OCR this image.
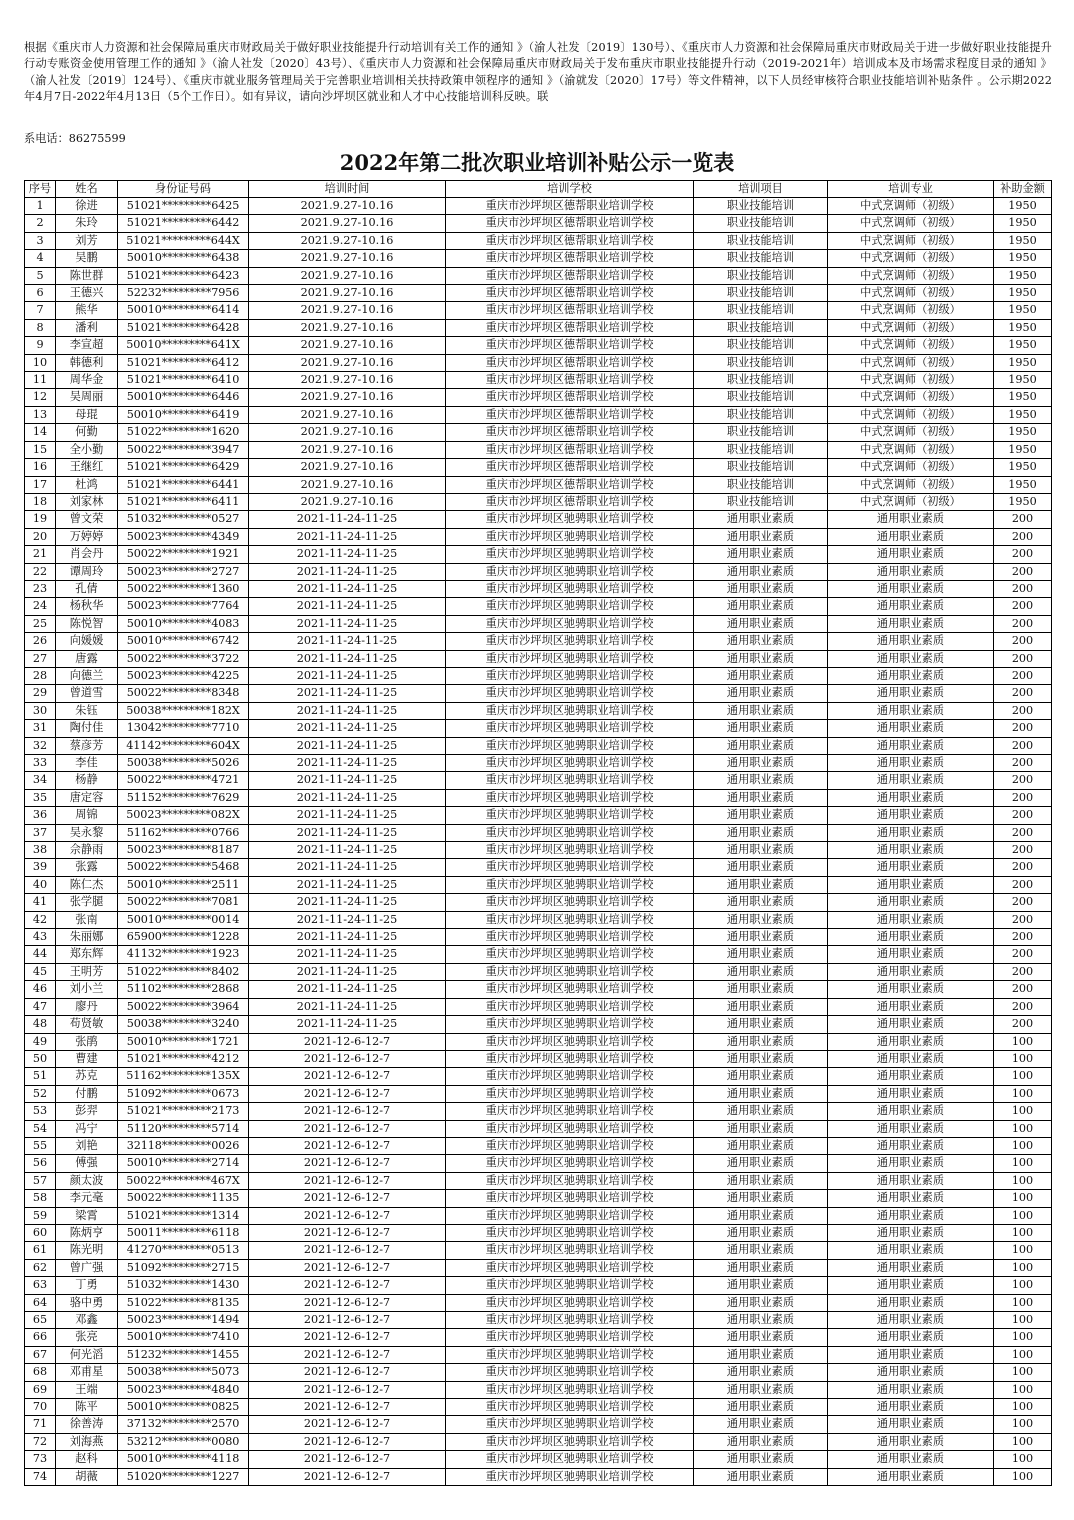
根据《重庆市人力资源和社会保障局重庆市财政局关于做好职业技能提升行动培训有关工作的通知 》（渝人社发〔2019〕130号）、《重庆市人力资源和社会保障局重庆市财政局关于进一步做好职业技能提升行动专账资金使用管理工作的通知 》（渝人社发〔2020〕43号）、《重庆市人力资源和社会保障局重庆市财政局关于发布重庆市职业技能提升行动（2019-2021年）培训成本及市场需求程度目录的通知 》（渝人社发〔2019〕124号）、《重庆市就业服务管理局关于完善职业培训相关扶持政策申领程序的通知 》（渝就发〔2020〕17号）等文件精神，以下人员经审核符合职业技能培训补贴条件 。公示期2022年4月7日-2022年4月13日（5个工作日）。如有异议，请向沙坪坝区就业和人才中心技能培训科反映。联

系电话：86275599
2022年第二批次职业培训补贴公示一览表
序号	姓名	身份证号码	培训时间	培训学校	培训项目	培训专业	补助金额
1	徐进	51021*********6425	2021.9.27-10.16	重庆市沙坪坝区德帮职业培训学校	职业技能培训	中式烹调师（初级）	1950
2	朱玲	51021*********6442	2021.9.27-10.16	重庆市沙坪坝区德帮职业培训学校	职业技能培训	中式烹调师（初级）	1950
3	刘芳	51021*********644X	2021.9.27-10.16	重庆市沙坪坝区德帮职业培训学校	职业技能培训	中式烹调师（初级）	1950
4	吴鹏	50010*********6438	2021.9.27-10.16	重庆市沙坪坝区德帮职业培训学校	职业技能培训	中式烹调师（初级）	1950
5	陈世群	51021*********6423	2021.9.27-10.16	重庆市沙坪坝区德帮职业培训学校	职业技能培训	中式烹调师（初级）	1950
6	王德兴	52232*********7956	2021.9.27-10.16	重庆市沙坪坝区德帮职业培训学校	职业技能培训	中式烹调师（初级）	1950
7	熊华	50010*********6414	2021.9.27-10.16	重庆市沙坪坝区德帮职业培训学校	职业技能培训	中式烹调师（初级）	1950
8	潘利	51021*********6428	2021.9.27-10.16	重庆市沙坪坝区德帮职业培训学校	职业技能培训	中式烹调师（初级）	1950
9	李宣超	50010*********641X	2021.9.27-10.16	重庆市沙坪坝区德帮职业培训学校	职业技能培训	中式烹调师（初级）	1950
10	韩德利	51021*********6412	2021.9.27-10.16	重庆市沙坪坝区德帮职业培训学校	职业技能培训	中式烹调师（初级）	1950
11	周华金	51021*********6410	2021.9.27-10.16	重庆市沙坪坝区德帮职业培训学校	职业技能培训	中式烹调师（初级）	1950
12	吴周丽	50010*********6446	2021.9.27-10.16	重庆市沙坪坝区德帮职业培训学校	职业技能培训	中式烹调师（初级）	1950
13	母琨	50010*********6419	2021.9.27-10.16	重庆市沙坪坝区德帮职业培训学校	职业技能培训	中式烹调师（初级）	1950
14	何勤	51022*********1620	2021.9.27-10.16	重庆市沙坪坝区德帮职业培训学校	职业技能培训	中式烹调师（初级）	1950
15	全小勤	50022*********3947	2021.9.27-10.16	重庆市沙坪坝区德帮职业培训学校	职业技能培训	中式烹调师（初级）	1950
16	王继红	51021*********6429	2021.9.27-10.16	重庆市沙坪坝区德帮职业培训学校	职业技能培训	中式烹调师（初级）	1950
17	杜鸿	51021*********6441	2021.9.27-10.16	重庆市沙坪坝区德帮职业培训学校	职业技能培训	中式烹调师（初级）	1950
18	刘家林	51021*********6411	2021.9.27-10.16	重庆市沙坪坝区德帮职业培训学校	职业技能培训	中式烹调师（初级）	1950
19	曾文荣	51032*********0527	2021-11-24-11-25	重庆市沙坪坝区驰骋职业培训学校	通用职业素质	通用职业素质	200
20	万婷婷	50023*********4349	2021-11-24-11-25	重庆市沙坪坝区驰骋职业培训学校	通用职业素质	通用职业素质	200
21	肖会丹	50022*********1921	2021-11-24-11-25	重庆市沙坪坝区驰骋职业培训学校	通用职业素质	通用职业素质	200
22	谭周玲	50023*********2727	2021-11-24-11-25	重庆市沙坪坝区驰骋职业培训学校	通用职业素质	通用职业素质	200
23	孔倩	50022*********1360	2021-11-24-11-25	重庆市沙坪坝区驰骋职业培训学校	通用职业素质	通用职业素质	200
24	杨秋华	50023*********7764	2021-11-24-11-25	重庆市沙坪坝区驰骋职业培训学校	通用职业素质	通用职业素质	200
25	陈悦智	50010*********4083	2021-11-24-11-25	重庆市沙坪坝区驰骋职业培训学校	通用职业素质	通用职业素质	200
26	向媛媛	50010*********6742	2021-11-24-11-25	重庆市沙坪坝区驰骋职业培训学校	通用职业素质	通用职业素质	200
27	唐露	50022*********3722	2021-11-24-11-25	重庆市沙坪坝区驰骋职业培训学校	通用职业素质	通用职业素质	200
28	向德兰	50023*********4225	2021-11-24-11-25	重庆市沙坪坝区驰骋职业培训学校	通用职业素质	通用职业素质	200
29	曾道雪	50022*********8348	2021-11-24-11-25	重庆市沙坪坝区驰骋职业培训学校	通用职业素质	通用职业素质	200
30	朱钰	50038*********182X	2021-11-24-11-25	重庆市沙坪坝区驰骋职业培训学校	通用职业素质	通用职业素质	200
31	陶付佳	13042*********7710	2021-11-24-11-25	重庆市沙坪坝区驰骋职业培训学校	通用职业素质	通用职业素质	200
32	蔡彦芳	41142*********604X	2021-11-24-11-25	重庆市沙坪坝区驰骋职业培训学校	通用职业素质	通用职业素质	200
33	李佳	50038*********5026	2021-11-24-11-25	重庆市沙坪坝区驰骋职业培训学校	通用职业素质	通用职业素质	200
34	杨静	50022*********4721	2021-11-24-11-25	重庆市沙坪坝区驰骋职业培训学校	通用职业素质	通用职业素质	200
35	唐定容	51152*********7629	2021-11-24-11-25	重庆市沙坪坝区驰骋职业培训学校	通用职业素质	通用职业素质	200
36	周锦	50023*********082X	2021-11-24-11-25	重庆市沙坪坝区驰骋职业培训学校	通用职业素质	通用职业素质	200
37	吴永黎	51162*********0766	2021-11-24-11-25	重庆市沙坪坝区驰骋职业培训学校	通用职业素质	通用职业素质	200
38	佘静雨	50023*********8187	2021-11-24-11-25	重庆市沙坪坝区驰骋职业培训学校	通用职业素质	通用职业素质	200
39	张露	50022*********5468	2021-11-24-11-25	重庆市沙坪坝区驰骋职业培训学校	通用职业素质	通用职业素质	200
40	陈仁杰	50010*********2511	2021-11-24-11-25	重庆市沙坪坝区驰骋职业培训学校	通用职业素质	通用职业素质	200
41	张学腿	50022*********7081	2021-11-24-11-25	重庆市沙坪坝区驰骋职业培训学校	通用职业素质	通用职业素质	200
42	张南	50010*********0014	2021-11-24-11-25	重庆市沙坪坝区驰骋职业培训学校	通用职业素质	通用职业素质	200
43	朱丽娜	65900*********1228	2021-11-24-11-25	重庆市沙坪坝区驰骋职业培训学校	通用职业素质	通用职业素质	200
44	郑东辉	41132*********1923	2021-11-24-11-25	重庆市沙坪坝区驰骋职业培训学校	通用职业素质	通用职业素质	200
45	王明芳	51022*********8402	2021-11-24-11-25	重庆市沙坪坝区驰骋职业培训学校	通用职业素质	通用职业素质	200
46	刘小兰	51102*********2868	2021-11-24-11-25	重庆市沙坪坝区驰骋职业培训学校	通用职业素质	通用职业素质	200
47	廖丹	50022*********3964	2021-11-24-11-25	重庆市沙坪坝区驰骋职业培训学校	通用职业素质	通用职业素质	200
48	苟贤敏	50038*********3240	2021-11-24-11-25	重庆市沙坪坝区驰骋职业培训学校	通用职业素质	通用职业素质	200
49	张鹃	50010*********1721	2021-12-6-12-7	重庆市沙坪坝区驰骋职业培训学校	通用职业素质	通用职业素质	100
50	曹建	51021*********4212	2021-12-6-12-7	重庆市沙坪坝区驰骋职业培训学校	通用职业素质	通用职业素质	100
51	苏克	51162*********135X	2021-12-6-12-7	重庆市沙坪坝区驰骋职业培训学校	通用职业素质	通用职业素质	100
52	付鹏	51092*********0673	2021-12-6-12-7	重庆市沙坪坝区驰骋职业培训学校	通用职业素质	通用职业素质	100
53	彭羿	51021*********2173	2021-12-6-12-7	重庆市沙坪坝区驰骋职业培训学校	通用职业素质	通用职业素质	100
54	冯宁	51120*********5714	2021-12-6-12-7	重庆市沙坪坝区驰骋职业培训学校	通用职业素质	通用职业素质	100
55	刘艳	32118*********0026	2021-12-6-12-7	重庆市沙坪坝区驰骋职业培训学校	通用职业素质	通用职业素质	100
56	傅强	50010*********2714	2021-12-6-12-7	重庆市沙坪坝区驰骋职业培训学校	通用职业素质	通用职业素质	100
57	颜太波	50022*********467X	2021-12-6-12-7	重庆市沙坪坝区驰骋职业培训学校	通用职业素质	通用职业素质	100
58	李元毫	50022*********1135	2021-12-6-12-7	重庆市沙坪坝区驰骋职业培训学校	通用职业素质	通用职业素质	100
59	梁霄	51021*********1314	2021-12-6-12-7	重庆市沙坪坝区驰骋职业培训学校	通用职业素质	通用职业素质	100
60	陈炳亨	50011*********6118	2021-12-6-12-7	重庆市沙坪坝区驰骋职业培训学校	通用职业素质	通用职业素质	100
61	陈光明	41270*********0513	2021-12-6-12-7	重庆市沙坪坝区驰骋职业培训学校	通用职业素质	通用职业素质	100
62	曾广强	51092*********2715	2021-12-6-12-7	重庆市沙坪坝区驰骋职业培训学校	通用职业素质	通用职业素质	100
63	丁勇	51032*********1430	2021-12-6-12-7	重庆市沙坪坝区驰骋职业培训学校	通用职业素质	通用职业素质	100
64	骆中勇	51022*********8135	2021-12-6-12-7	重庆市沙坪坝区驰骋职业培训学校	通用职业素质	通用职业素质	100
65	邓鑫	50023*********1494	2021-12-6-12-7	重庆市沙坪坝区驰骋职业培训学校	通用职业素质	通用职业素质	100
66	张亮	50010*********7410	2021-12-6-12-7	重庆市沙坪坝区驰骋职业培训学校	通用职业素质	通用职业素质	100
67	何光滔	51232*********1455	2021-12-6-12-7	重庆市沙坪坝区驰骋职业培训学校	通用职业素质	通用职业素质	100
68	邓甫星	50038*********5073	2021-12-6-12-7	重庆市沙坪坝区驰骋职业培训学校	通用职业素质	通用职业素质	100
69	王端	50023*********4840	2021-12-6-12-7	重庆市沙坪坝区驰骋职业培训学校	通用职业素质	通用职业素质	100
70	陈平	50010*********0825	2021-12-6-12-7	重庆市沙坪坝区驰骋职业培训学校	通用职业素质	通用职业素质	100
71	徐善涛	37132*********2570	2021-12-6-12-7	重庆市沙坪坝区驰骋职业培训学校	通用职业素质	通用职业素质	100
72	刘海燕	53212*********0080	2021-12-6-12-7	重庆市沙坪坝区驰骋职业培训学校	通用职业素质	通用职业素质	100
73	赵科	50010*********4118	2021-12-6-12-7	重庆市沙坪坝区驰骋职业培训学校	通用职业素质	通用职业素质	100
74	胡薇	51020*********1227	2021-12-6-12-7	重庆市沙坪坝区驰骋职业培训学校	通用职业素质	通用职业素质	100
